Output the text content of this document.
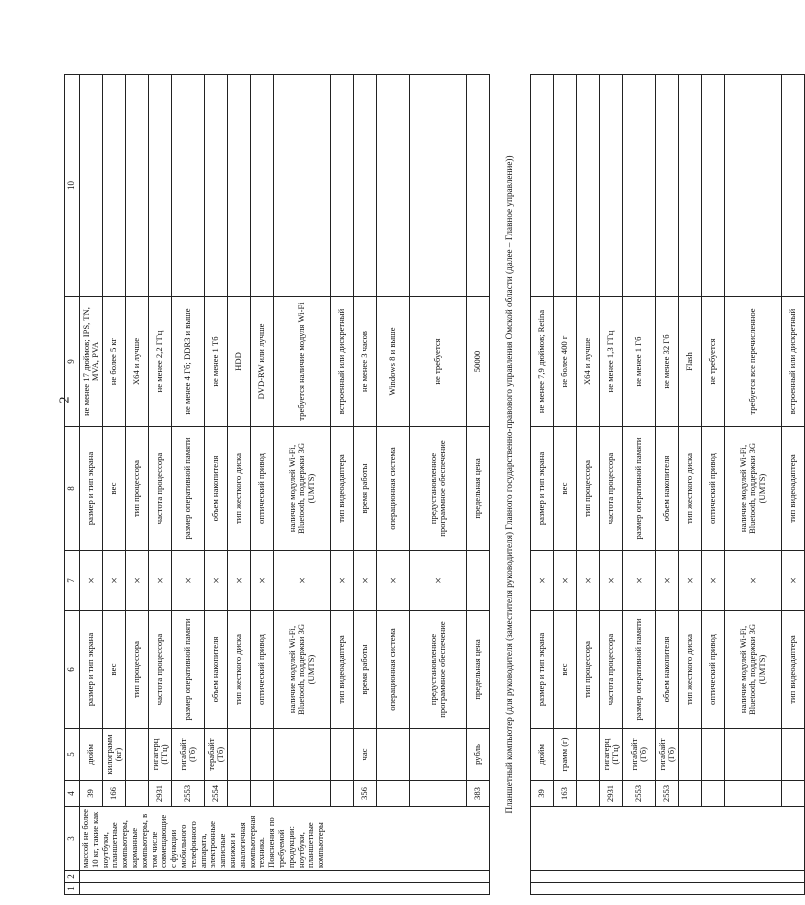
2
1	2	3	4	5	6	7	8	9	10
		массой не более 10 кг, такие как ноутбуки, планшетные компьютеры, карманные компьютеры, в том числе совмещающие с функции мобильного телефонного аппарата, электронные записные книжки и аналогичная компьютерная техника. Пояснения по требуемой продукции: ноутбуки, планшетные компьютеры	39	дюйм	размер и тип экрана	×	размер и тип экрана	не менее 17 дюймов; IPS, TN, MVA, PVA	
			166	килограмм (кг)	вес	×	вес	не более 5 кг	
					тип процессора	×	тип процессора	X64 и лучше	
			2931	гигагерц (ГГц)	частота процессора	×	частота процессора	не менее 2,2 ГГц	
			2553	гигабайт (Гб)	размер оперативной памяти	×	размер оперативной памяти	не менее 4 Гб; DDR3 и выше	
			2554	терабайт (Тб)	объем накопителя	×	объем накопителя	не менее 1 Тб	
					тип жесткого диска	×	тип жесткого диска	HDD	
					оптический привод	×	оптический привод	DVD-RW или лучше	
					наличие модулей Wi-Fi, Bluetooth, поддержки 3G (UMTS)	×	наличие модулей Wi-Fi, Bluetooth, поддержки 3G (UMTS)	требуется наличие модуля Wi-Fi	
					тип видеоадаптера	×	тип видеоадаптера	встроенный или дискретный	
			356	час	время работы	×	время работы	не менее 3 часов	
					операционная система	×	операционная система	Windows 8 и выше	
					предустановленное программное обеспечение	×	предустановленное программное обеспечение	не требуется	
			383	рубль	предельная цена		предельная цена	50000	
Планшетный компьютер (для руководителя (заместителя руководителя) Главного государственно-правового управления Омской области (далее – Главное управление))									
			39	дюйм	размер и тип экрана	×	размер и тип экрана	не менее 7,9 дюймов; Retina	
			163	грамм (г)	вес	×	вес	не более 400 г	
					тип процессора	×	тип процессора	X64 и лучше	
			2931	гигагерц (ГГц)	частота процессора	×	частота процессора	не менее 1,3 ГГц	
			2553	гигабайт (Гб)	размер оперативной памяти	×	размер оперативной памяти	не менее 1 Гб	
			2553	гигабайт (Гб)	объем накопителя	×	объем накопителя	не менее 32 Гб	
					тип жесткого диска	×	тип жесткого диска	Flash	
					оптический привод	×	оптический привод	не требуется	
					наличие модулей Wi-Fi, Bluetooth, поддержки 3G (UMTS)	×	наличие модулей Wi-Fi, Bluetooth, поддержки 3G (UMTS)	требуется все перечисленное	
					тип видеоадаптера	×	тип видеоадаптера	встроенный или дискретный	
